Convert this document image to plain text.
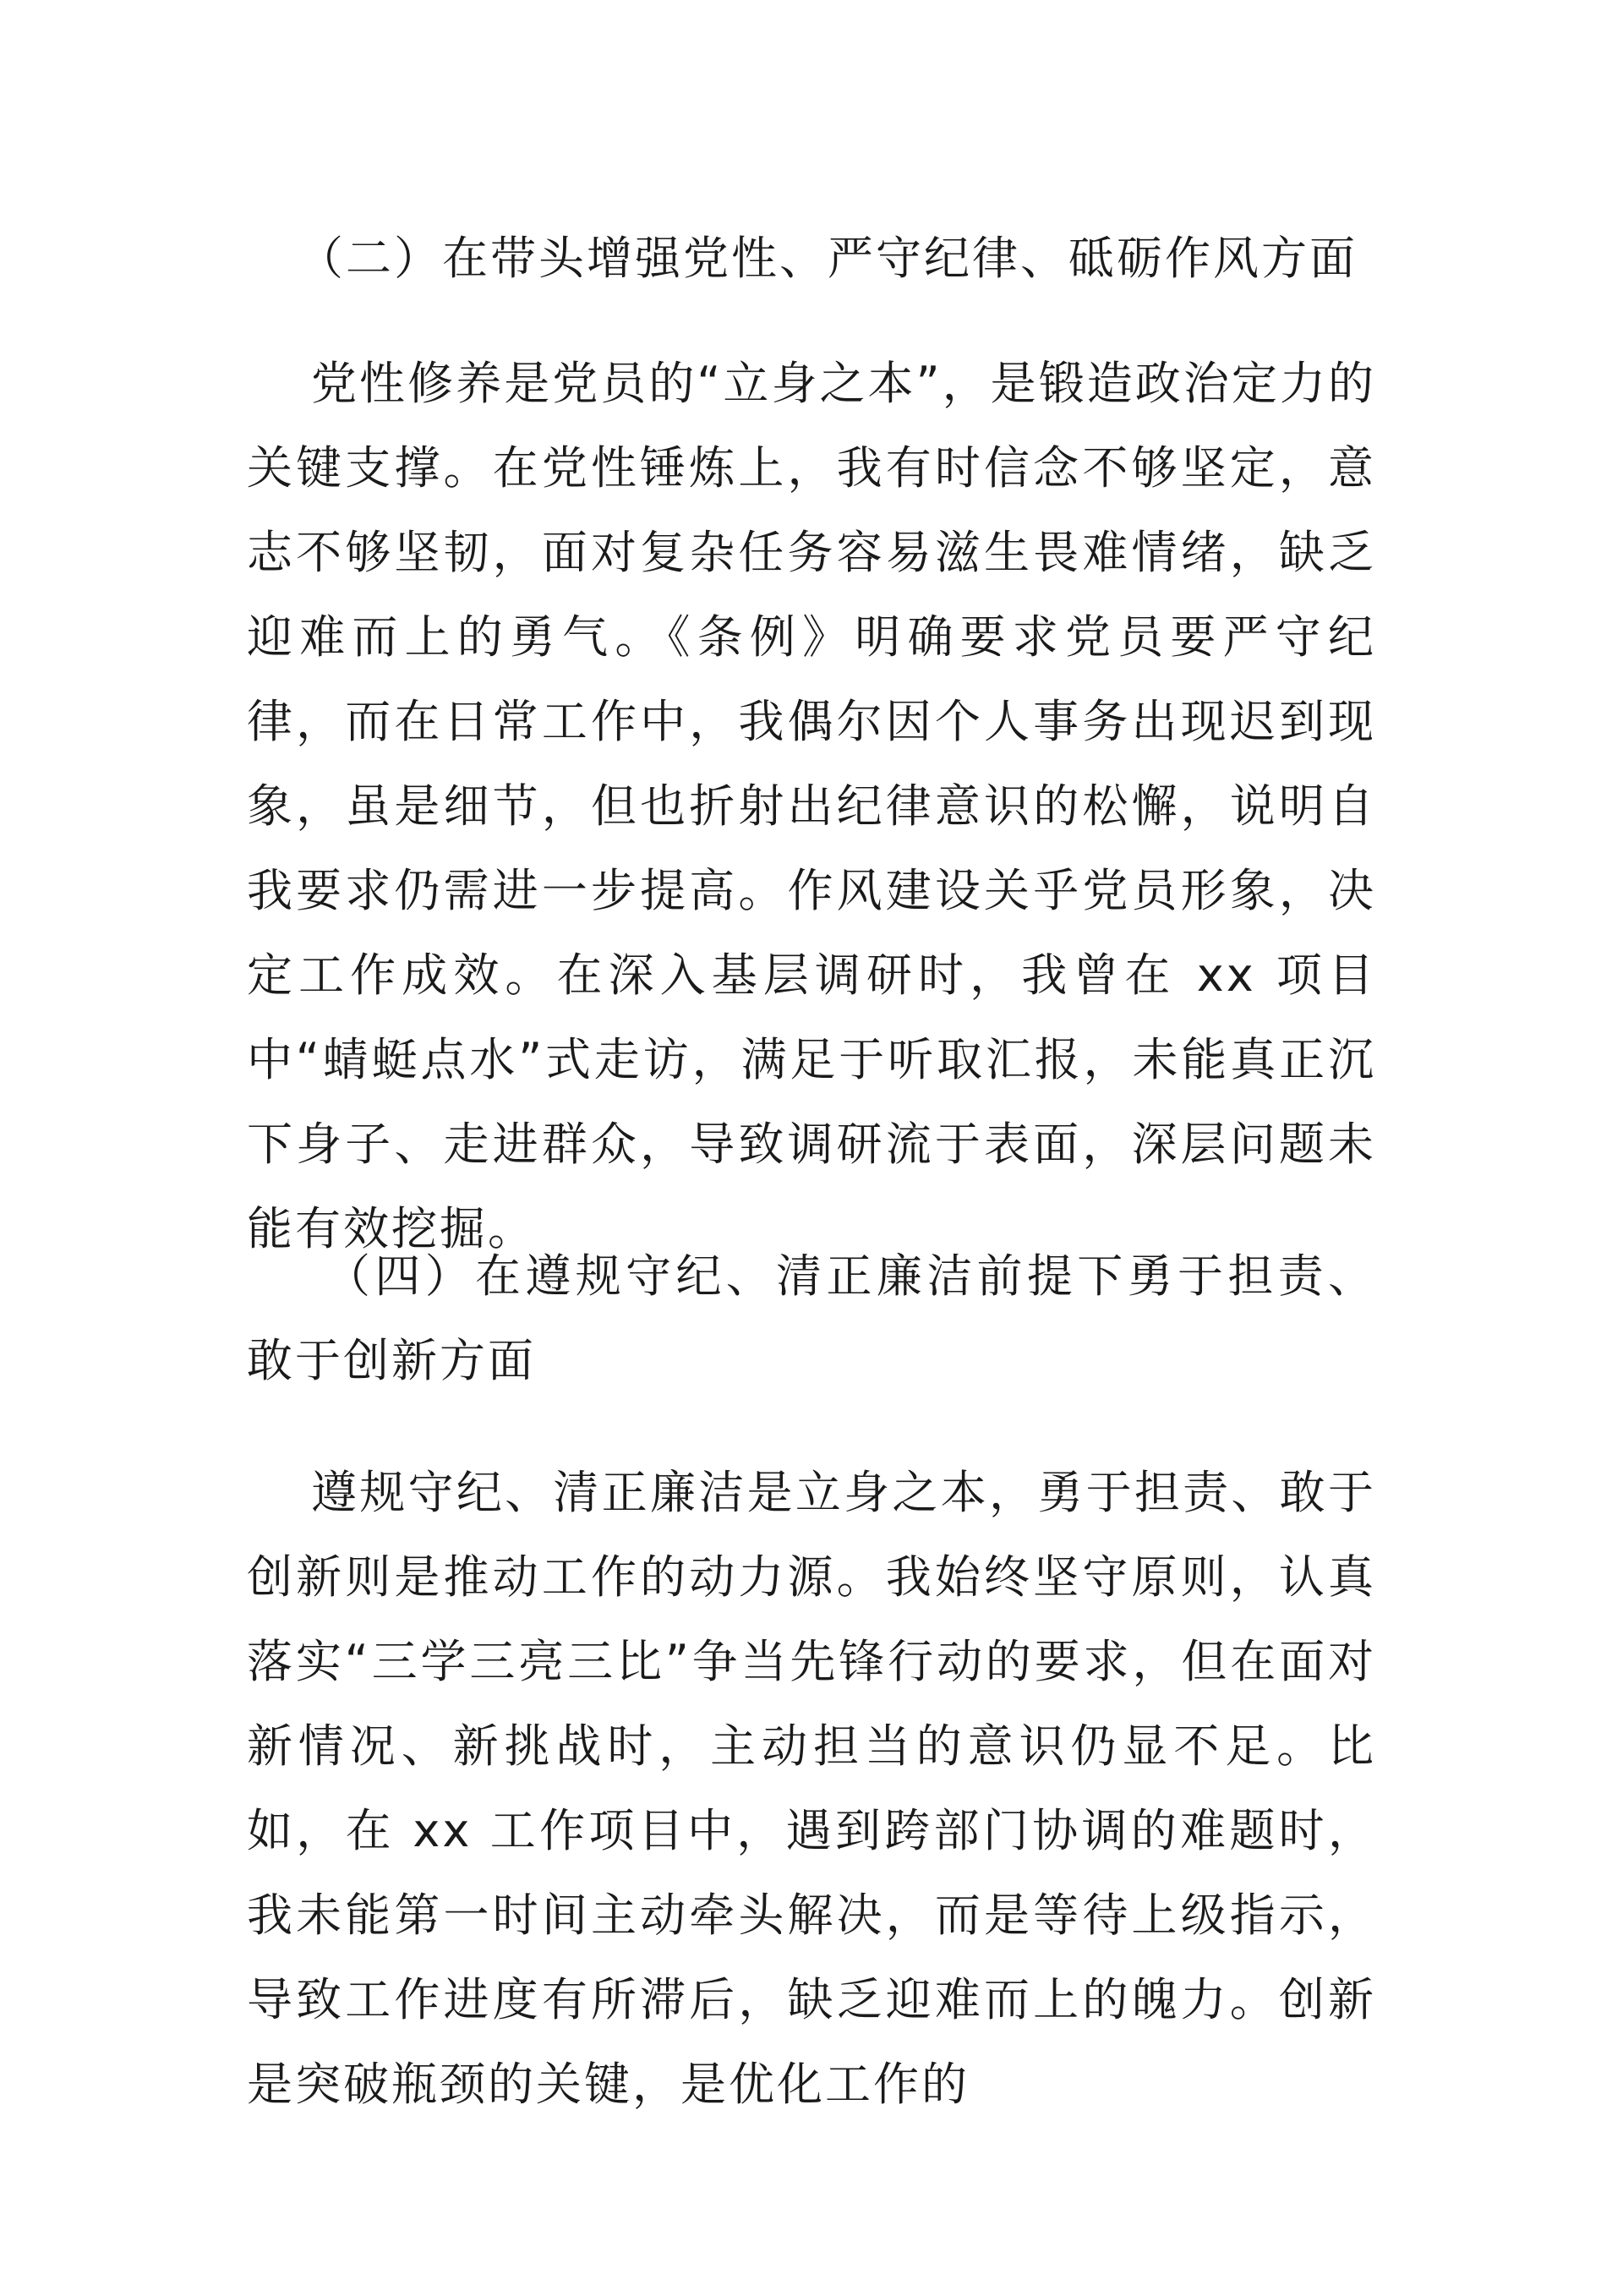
（二）在带头增强党性、严守纪律、砥砺作风方面

党性修养是党员的“立身之本”，是锻造政治定力的关键支撑。在党性锤炼上，我有时信念不够坚定，意志不够坚韧，面对复杂任务容易滋生畏难情绪，缺乏迎难而上的勇气。《条例》明确要求党员要严守纪律，而在日常工作中，我偶尔因个人事务出现迟到现象，虽是细节，但也折射出纪律意识的松懈，说明自我要求仍需进一步提高。作风建设关乎党员形象，决定工作成效。在深入基层调研时，我曾在 xx 项目中“蜻蜓点水”式走访，满足于听取汇报，未能真正沉下身子、走进群众，导致调研流于表面，深层问题未能有效挖掘。

（四）在遵规守纪、清正廉洁前提下勇于担责、敢于创新方面

遵规守纪、清正廉洁是立身之本，勇于担责、敢于创新则是推动工作的动力源。我始终坚守原则，认真落实“三学三亮三比”争当先锋行动的要求，但在面对新情况、新挑战时，主动担当的意识仍显不足。比如，在 xx 工作项目中，遇到跨部门协调的难题时，我未能第一时间主动牵头解决，而是等待上级指示，导致工作进度有所滞后，缺乏迎难而上的魄力。创新是突破瓶颈的关键，是优化工作的
